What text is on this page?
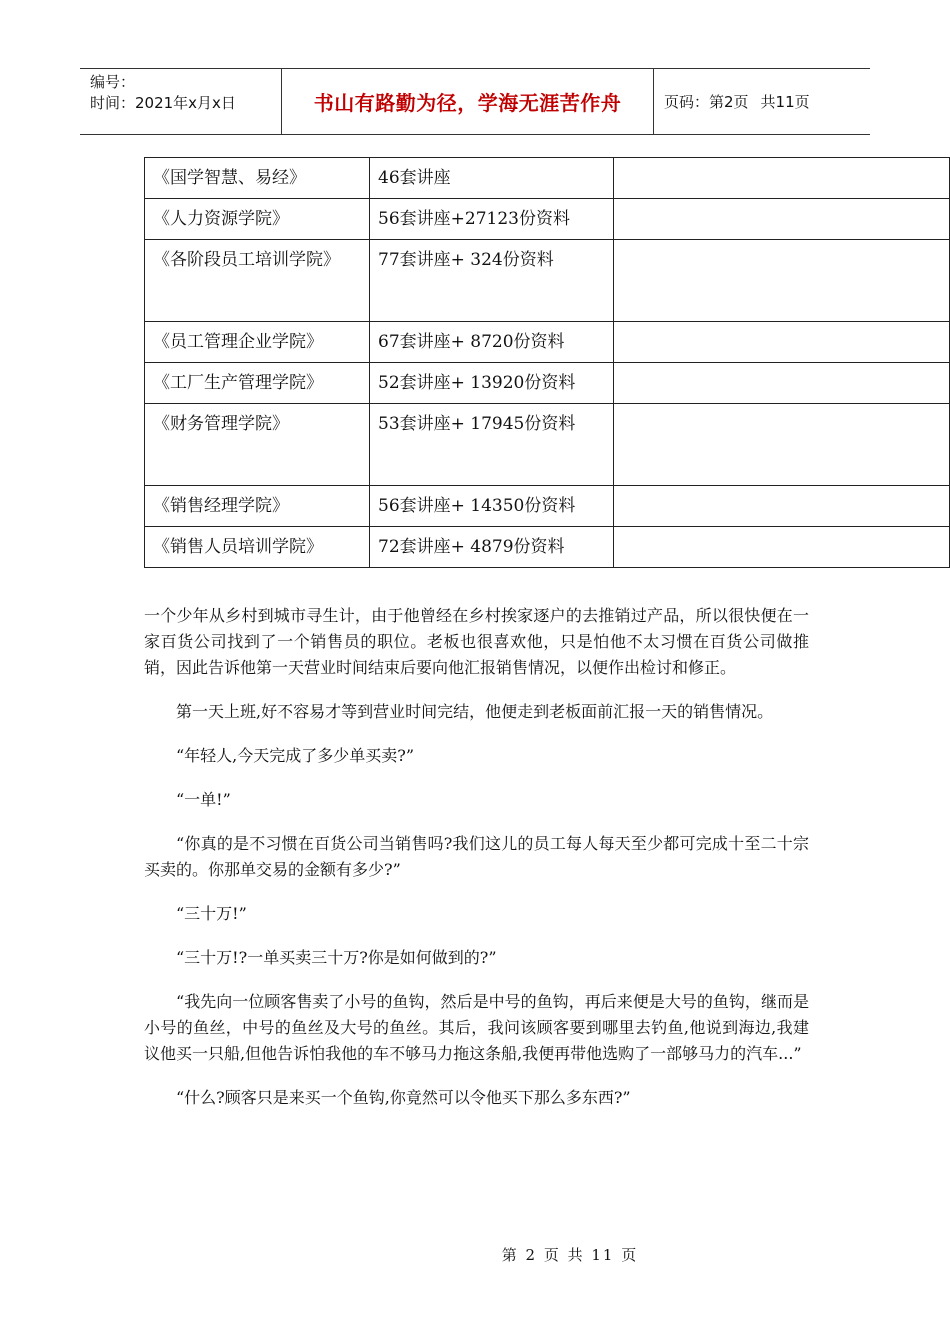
编号：
时间：2021年x月x日	书山有路勤为径，学海无涯苦作舟	页码：第2页 共11页
《国学智慧、易经》	46套讲座	
《人力资源学院》	56套讲座+27123份资料	
《各阶段员工培训学院》	77套讲座+ 324份资料	
《员工管理企业学院》	67套讲座+ 8720份资料	
《工厂生产管理学院》	52套讲座+ 13920份资料	
《财务管理学院》	53套讲座+ 17945份资料	
《销售经理学院》	56套讲座+ 14350份资料	
《销售人员培训学院》	72套讲座+ 4879份资料	

一个少年从乡村到城市寻生计，由于他曾经在乡村挨家逐户的去推销过产品，所以很快便在一家百货公司找到了一个销售员的职位。老板也很喜欢他，只是怕他不太习惯在百货公司做推销，因此告诉他第一天营业时间结束后要向他汇报销售情况，以便作出检讨和修正。

第一天上班,好不容易才等到营业时间完结，他便走到老板面前汇报一天的销售情况。

“年轻人,今天完成了多少单买卖?”

“一单!”

“你真的是不习惯在百货公司当销售吗?我们这儿的员工每人每天至少都可完成十至二十宗买卖的。你那单交易的金额有多少?”

“三十万!”

“三十万!?一单买卖三十万?你是如何做到的?”

“我先向一位顾客售卖了小号的鱼钩，然后是中号的鱼钩，再后来便是大号的鱼钩，继而是小号的鱼丝，中号的鱼丝及大号的鱼丝。其后，我问该顾客要到哪里去钓鱼,他说到海边,我建议他买一只船,但他告诉怕我他的车不够马力拖这条船,我便再带他选购了一部够马力的汽车...”

“什么?顾客只是来买一个鱼钩,你竟然可以令他买下那么多东西?”

第 2 页 共 11 页
